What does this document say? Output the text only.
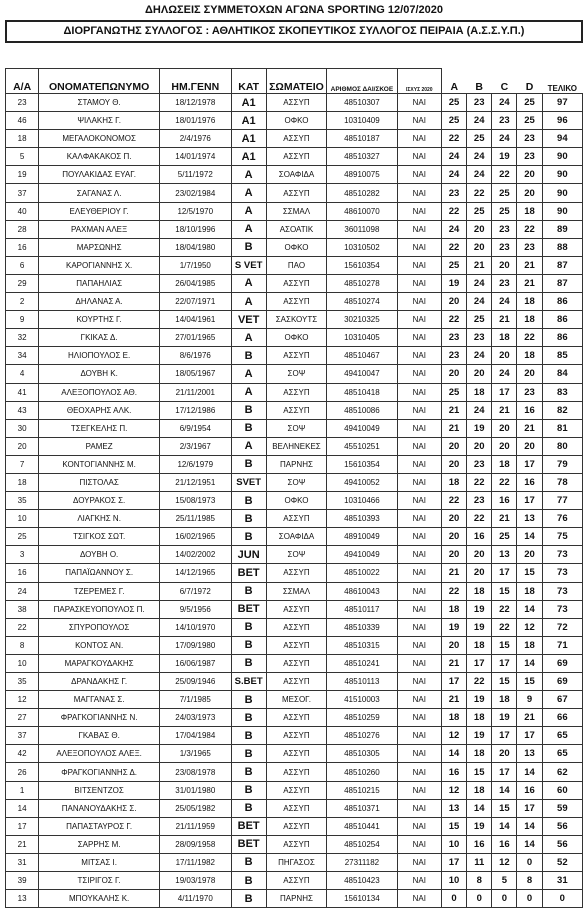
ΔΗΛΩΣΕΙΣ ΣΥΜΜΕΤΟΧΩΝ ΑΓΩΝΑ SPORTING 12/07/2020
ΔΙΟΡΓΑΝΩΤΗΣ ΣΥΛΛΟΓΟΣ : ΑΘΛΗΤΙΚΟΣ ΣΚΟΠΕΥΤΙΚΟΣ ΣΥΛΛΟΓΟΣ ΠΕΙΡΑΙΑ (Α.Σ.Σ.Υ.Π.)
Α/Α	ΟΝΟΜΑΤΕΠΩΝΥΜΟ	ΗΜ.ΓΕΝΝ	ΚΑΤ	ΣΩΜΑΤΕΙΟ	ΑΡΙΘΜΟΣ ΔΑΙ/ΣΚΟΕ	ΙΣΧΥΣ 2020	A	B	C	D	ΤΕΛΙΚΟ
23	ΣΤΑΜΟΥ Θ.	18/12/1978	A1	ΑΣΣΥΠ	48510307	ΝΑΙ	25	23	24	25	97
46	ΨΙΛΑΚΗΣ Γ.	18/01/1976	A1	ΟΦΚΟ	10310409	ΝΑΙ	25	24	23	25	96
18	ΜΕΓΑΛΟΚΟΝΟΜΟΣ	2/4/1976	A1	ΑΣΣΥΠ	48510187	ΝΑΙ	22	25	24	23	94
5	ΚΑΛΦΑΚΑΚΟΣ Π.	14/01/1974	A1	ΑΣΣΥΠ	48510327	ΝΑΙ	24	24	19	23	90
19	ΠΟΥΛΑΚΙΔΑΣ ΕΥΑΓ.	5/11/1972	A	ΣΟΑΦΙΔΑ	48910075	ΝΑΙ	24	24	22	20	90
37	ΣΑΓΑΝΑΣ Λ.	23/02/1984	A	ΑΣΣΥΠ	48510282	ΝΑΙ	23	22	25	20	90
40	ΕΛΕΥΘΕΡΙΟΥ Γ.	12/5/1970	A	ΣΣΜΑΛ	48610070	ΝΑΙ	22	25	25	18	90
28	ΡΑΧΜΑΝ ΑΛΕΞ	18/10/1996	A	ΑΣΟΑΤΙΚ	36011098	ΝΑΙ	24	20	23	22	89
16	ΜΑΡΣΩΝΗΣ	18/04/1980	B	ΟΦΚΟ	10310502	ΝΑΙ	22	20	23	23	88
6	ΚΑΡΟΓΙΑΝΝΗΣ Χ.	1/7/1950	S VET	ΠΑΟ	15610354	ΝΑΙ	25	21	20	21	87
29	ΠΑΠΑΗΛΙΑΣ	26/04/1985	A	ΑΣΣΥΠ	48510278	ΝΑΙ	19	24	23	21	87
2	ΔΗΛΑΝΑΣ Α.	22/07/1971	A	ΑΣΣΥΠ	48510274	ΝΑΙ	20	24	24	18	86
9	ΚΟΥΡΤΗΣ Γ.	14/04/1961	VET	ΣΑΣΚΟΥΤΣ	30210325	ΝΑΙ	22	25	21	18	86
32	ΓΚΙΚΑΣ Δ.	27/01/1965	A	ΟΦΚΟ	10310405	ΝΑΙ	23	23	18	22	86
34	ΗΛΙΟΠΟΥΛΟΣ Ε.	8/6/1976	B	ΑΣΣΥΠ	48510467	ΝΑΙ	23	24	20	18	85
4	ΔΟΥΒΗ Κ.	18/05/1967	A	ΣΟΨ	49410047	ΝΑΙ	20	20	24	20	84
41	ΑΛΕΞΟΠΟΥΛΟΣ ΑΘ.	21/11/2001	A	ΑΣΣΥΠ	48510418	ΝΑΙ	25	18	17	23	83
43	ΘΕΟΧΑΡΗΣ ΑΛΚ.	17/12/1986	B	ΑΣΣΥΠ	48510086	ΝΑΙ	21	24	21	16	82
30	ΤΣΕΓΚΕΛΗΣ Π.	6/9/1954	B	ΣΟΨ	49410049	ΝΑΙ	21	19	20	21	81
20	ΡΑΜΕΖ	2/3/1967	A	ΒΕΛΗΝΕΚΕΣ	45510251	ΝΑΙ	20	20	20	20	80
7	ΚΟΝΤΟΓΙΑΝΝΗΣ Μ.	12/6/1979	B	ΠΑΡΝΗΣ	15610354	ΝΑΙ	20	23	18	17	79
18	ΠΙΣΤΟΛΑΣ	21/12/1951	SVET	ΣΟΨ	49410052	ΝΑΙ	18	22	22	16	78
35	ΔΟΥΡΑΚΟΣ Σ.	15/08/1973	B	ΟΦΚΟ	10310466	ΝΑΙ	22	23	16	17	77
10	ΛΙΑΓΚΗΣ Ν.	25/11/1985	B	ΑΣΣΥΠ	48510393	ΝΑΙ	20	22	21	13	76
25	ΤΣΙΓΚΟΣ ΣΩΤ.	16/02/1965	B	ΣΟΑΦΙΔΑ	48910049	ΝΑΙ	20	16	25	14	75
3	ΔΟΥΒΗ Ο.	14/02/2002	JUN	ΣΟΨ	49410049	ΝΑΙ	20	20	13	20	73
16	ΠΑΠΑΪΩΑΝΝΟΥ Σ.	14/12/1965	BET	ΑΣΣΥΠ	48510022	ΝΑΙ	21	20	17	15	73
24	ΤΖΕΡΕΜΕΣ Γ.	6/7/1972	B	ΣΣΜΑΛ	48610043	ΝΑΙ	22	18	15	18	73
38	ΠΑΡΑΣΚΕΥΟΠΟΥΛΟΣ Π.	9/5/1956	BET	ΑΣΣΥΠ	48510117	ΝΑΙ	18	19	22	14	73
22	ΣΠΥΡΟΠΟΥΛΟΣ	14/10/1970	B	ΑΣΣΥΠ	48510339	ΝΑΙ	19	19	22	12	72
8	ΚΟΝΤΟΣ ΑΝ.	17/09/1980	B	ΑΣΣΥΠ	48510315	ΝΑΙ	20	18	15	18	71
10	ΜΑΡΑΓΚΟΥΔΑΚΗΣ	16/06/1987	B	ΑΣΣΥΠ	48510241	ΝΑΙ	21	17	17	14	69
35	ΔΡΑΝΔΑΚΗΣ Γ.	25/09/1946	S.BET	ΑΣΣΥΠ	48510113	ΝΑΙ	17	22	15	15	69
12	ΜΑΓΓΑΝΑΣ Σ.	7/1/1985	B	ΜΕΣΟΓ.	41510003	ΝΑΙ	21	19	18	9	67
27	ΦΡΑΓΚΟΓΙΑΝΝΗΣ Ν.	24/03/1973	B	ΑΣΣΥΠ	48510259	ΝΑΙ	18	18	19	21	66
37	ΓΚΑΒΑΣ Θ.	17/04/1984	B	ΑΣΣΥΠ	48510276	ΝΑΙ	12	19	17	17	65
42	ΑΛΕΞΟΠΟΥΛΟΣ ΑΛΕΞ.	1/3/1965	B	ΑΣΣΥΠ	48510305	ΝΑΙ	14	18	20	13	65
26	ΦΡΑΓΚΟΓΙΑΝΝΗΣ Δ.	23/08/1978	B	ΑΣΣΥΠ	48510260	ΝΑΙ	16	15	17	14	62
1	ΒΙΤΣΕΝΤΖΟΣ	31/01/1980	B	ΑΣΣΥΠ	48510215	ΝΑΙ	12	18	14	16	60
14	ΠΑΝΑΝΟΥΔΑΚΗΣ Σ.	25/05/1982	B	ΑΣΣΥΠ	48510371	ΝΑΙ	13	14	15	17	59
17	ΠΑΠΑΣΤΑΥΡΟΣ Γ.	21/11/1959	BET	ΑΣΣΥΠ	48510441	ΝΑΙ	15	19	14	14	56
21	ΣΑΡΡΗΣ Μ.	28/09/1958	BET	ΑΣΣΥΠ	48510254	ΝΑΙ	10	16	16	14	56
31	ΜΙΤΣΑΣ Ι.	17/11/1982	B	ΠΗΓΑΣΟΣ	27311182	ΝΑΙ	17	11	12	0	52
39	ΤΣΙΡΙΓΟΣ Γ.	19/03/1978	B	ΑΣΣΥΠ	48510423	ΝΑΙ	10	8	5	8	31
13	ΜΠΟΥΚΑΛΗΣ Κ.	4/11/1970	B	ΠΑΡΝΗΣ	15610134	ΝΑΙ	0	0	0	0	0
